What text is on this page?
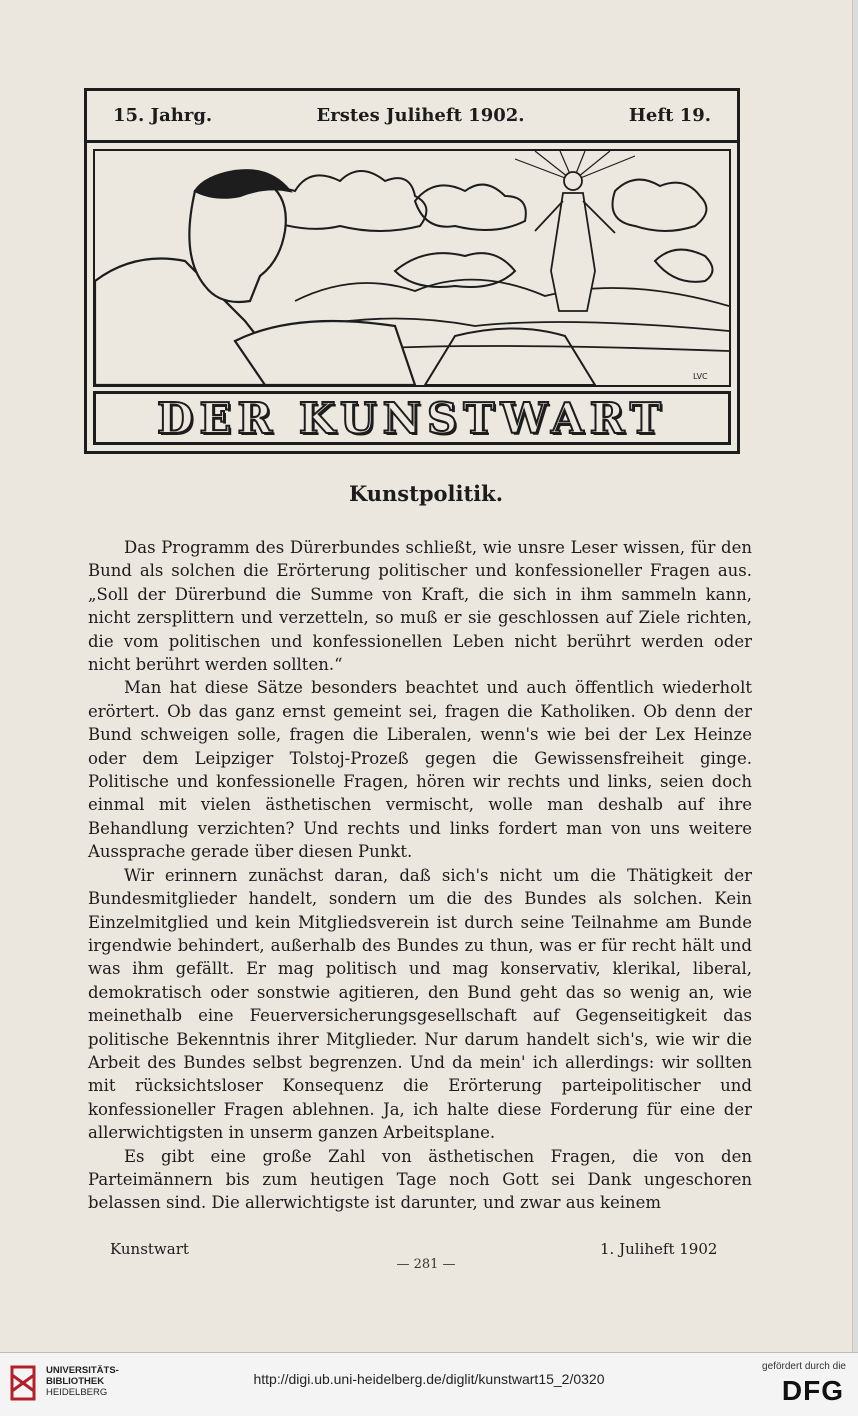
15. Jahrg.	Erstes Juliheft 1902.	Heft 19.
LVC
DER KUNSTWART
Kunstpolitik.

Das Programm des Dürerbundes schließt, wie unsre Leser wissen, für den Bund als solchen die Erörterung politischer und konfessioneller Fragen aus. „Soll der Dürerbund die Summe von Kraft, die sich in ihm sammeln kann, nicht zersplittern und verzetteln, so muß er sie geschlossen auf Ziele richten, die vom politischen und konfessionellen Leben nicht berührt werden oder nicht berührt werden sollten.“

Man hat diese Sätze besonders beachtet und auch öffentlich wiederholt erörtert. Ob das ganz ernst gemeint sei, fragen die Katholiken. Ob denn der Bund schweigen solle, fragen die Liberalen, wenn's wie bei der Lex Heinze oder dem Leipziger Tolstoj-Prozeß gegen die Gewissensfreiheit ginge. Politische und konfessionelle Fragen, hören wir rechts und links, seien doch einmal mit vielen ästhetischen vermischt, wolle man deshalb auf ihre Behandlung verzichten? Und rechts und links fordert man von uns weitere Aussprache gerade über diesen Punkt.

Wir erinnern zunächst daran, daß sich's nicht um die Thätigkeit der Bundesmitglieder handelt, sondern um die des Bundes als solchen. Kein Einzelmitglied und kein Mitgliedsverein ist durch seine Teilnahme am Bunde irgendwie behindert, außerhalb des Bundes zu thun, was er für recht hält und was ihm gefällt. Er mag politisch und mag konservativ, klerikal, liberal, demokratisch oder sonstwie agitieren, den Bund geht das so wenig an, wie meinethalb eine Feuerversicherungsgesellschaft auf Gegenseitigkeit das politische Bekenntnis ihrer Mitglieder. Nur darum handelt sich's, wie wir die Arbeit des Bundes selbst begrenzen. Und da mein' ich allerdings: wir sollten mit rücksichtsloser Konsequenz die Erörterung parteipolitischer und konfessioneller Fragen ablehnen. Ja, ich halte diese Forderung für eine der allerwichtigsten in unserm ganzen Arbeitsplane.

Es gibt eine große Zahl von ästhetischen Fragen, die von den Parteimännern bis zum heutigen Tage noch Gott sei Dank ungeschoren belassen sind. Die allerwichtigste ist darunter, und zwar aus keinem

Kunstwart	1. Juliheft 1902
— 281 —
UNIVERSITÄTS-
BIBLIOTHEK
HEIDELBERG
http://digi.ub.uni-heidelberg.de/diglit/kunstwart15_2/0320
gefördert durch die
DFG
